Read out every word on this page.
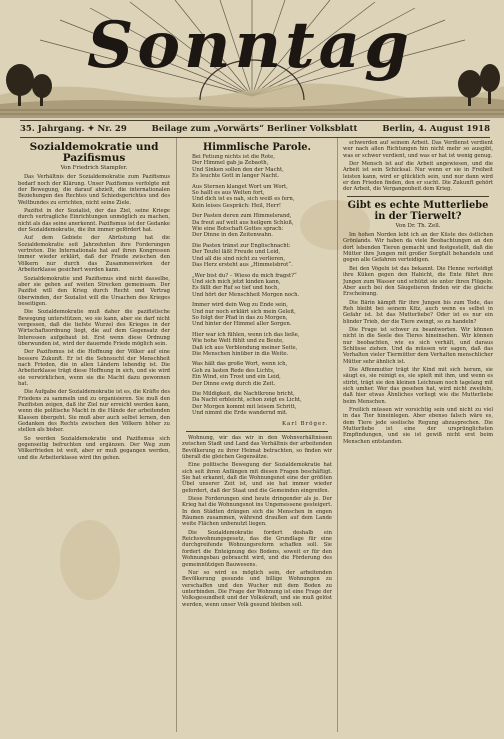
Sonntag
35. Jahrgang. ✦ Nr. 29	Beilage zum „Vorwärts“ Berliner Volksblatt	Berlin, 4. August 1918
Sozialdemokratie und Pazifismus
Von Friedrich Stampfer.

Das Verhältnis der Sozialdemokratie zum Pazifismus bedarf noch der Klärung. Unser Pazifismus verfolgte mit der Bewegung, die darauf abzielt, die internationalen Beziehungen des Rechtes und Schiedsgerichtes und des Weltbundes zu errichten, nicht seine Ziele.

Pazifist in der Sozialist, der das Ziel, seine Kriege durch vertragliche Einrichtungen unmöglich zu machen, nicht als das seine anerkennt. Pazifismus ist der Gedanke der Sozialdemokratie, die ihn immer gefördert hat.

Auf dem Gebiete der Abrüstung hat die Sozialdemokratie seit Jahrzehnten ihre Forderungen vertreten. Die Internationale hat auf ihren Kongressen immer wieder erklärt, daß der Friede zwischen den Völkern nur durch das Zusammenwirken der Arbeiterklasse gesichert werden kann.

Sozialdemokratie und Pazifismus sind nicht dasselbe, aber sie gehen auf weiten Strecken gemeinsam. Der Pazifist will den Krieg durch Recht und Vertrag überwinden, der Sozialist will die Ursachen des Krieges beseitigen.

Die Sozialdemokratie muß daher die pazifistische Bewegung unterstützen, wo sie kann, aber sie darf nicht vergessen, daß die tiefste Wurzel des Krieges in der Wirtschaftsordnung liegt, die auf dem Gegensatz der Interessen aufgebaut ist. Erst wenn diese Ordnung überwunden ist, wird der dauernde Friede möglich sein.

Der Pazifismus ist die Hoffnung der Völker auf eine bessere Zukunft. Er ist die Sehnsucht der Menschheit nach Frieden, die in allen Ländern lebendig ist. Die Arbeiterklasse trägt diese Hoffnung in sich, und sie wird sie verwirklichen, wenn sie die Macht dazu gewonnen hat.

Die Aufgabe der Sozialdemokratie ist es, die Kräfte des Friedens zu sammeln und zu organisieren. Sie muß den Pazifisten zeigen, daß ihr Ziel nur erreicht werden kann, wenn die politische Macht in die Hände der arbeitenden Klassen übergeht. Sie muß aber auch selbst lernen, den Gedanken des Rechts zwischen den Völkern höher zu stellen als bisher.

So werden Sozialdemokratie und Pazifismus sich gegenseitig befruchten und ergänzen. Der Weg zum Völkerfrieden ist weit, aber er muß gegangen werden, und die Arbeiterklasse wird ihn gehen.

Himmlische Parole.
Bei Fetiung nichts ist die Rote,
Der Himmel gab ja Zebaoth,
Und Sinken sollen den der Macht,
Es leuchte Gott in langer Nacht.
Aus Sternen klanget Wort um Wort,
So hallt es aus Welten fort,
Und dich ist es nah, sich weiß es fern,
Kein leises Gespräch: Heil, Herr!
Der Pasten deren zum Himmelsrand,
Da freut auf welt aus heilgem Schloß,
Wie eine Botschaft Gottes sprach:
Der Dinne in den Zeitenwahn.
Die Pasten tränst zur Englischnacht:
Der Teufel läßt Freude und Leid,
Und all die sind nicht zu verlieren,
Das Herz ersteht aus „Himmelsbrot“.
„Wer bist du? – Wieso du mich fragst?“
Und sich mich jetzt kinden kann,
Es fällt der Ruf so tief und hoch,
Und hört der Menschheit Morgen noch.
Immer wird dein Weg zu Ende sein,
Und nur noch erklärt sich mein Geleit,
So folgt der Pfad in das zu Morgen,
Und hinter der Himmel aller Sorgen.
Hier war ich fühlen, wenn ich das ließe,
Wie hohe Welt fühlt und zu Beute,
Daß ich aus Verblendung meiner Seite,
Die Menschen hinüber in die Weite.
Was hält das große Wort, wenn ich,
Geh zu lasten Rede des Lichts,
Ein Wind, ein Trost und ein Leid,
Der Dinne ewig durch die Zeit.
Die Mildigkeit, die Nachtkrone bricht,
Da Nacht erbleicht, schon zeigt es Licht,
Der Morgen kommt mit leisem Schritt,
Und nimmt die Erde wandernd mit.
Karl Bröger.

Wohnung, wir das wir in den Wohnverhältnissen zwischen Stadt und Land das Verhältnis der arbeitenden Bevölkerung zu ihrer Heimat betrachten, so finden wir überall die gleichen Gegensätze.

Eine politische Bewegung der Sozialdemokratie hat sich seit ihren Anfängen mit diesen Fragen beschäftigt. Sie hat erkannt, daß die Wohnungsnot eine der größten Übel unserer Zeit ist, und sie hat immer wieder gefordert, daß der Staat und die Gemeinden eingreifen.

Diese Forderungen sind heute dringender als je. Der Krieg hat die Wohnungsnot ins Ungemessene gesteigert. In den Städten drängen sich die Menschen in engen Räumen zusammen, während draußen auf dem Lande weite Flächen unbenutzt liegen.

Die Sozialdemokratie fordert deshalb ein Reichswohnungsgesetz, das die Grundlage für eine durchgreifende Wohnungsreform schaffen soll. Sie fordert die Enteignung des Bodens, soweit er für den Wohnungsbau gebraucht wird, und die Förderung des gemeinnützigen Bauwesens.

Nur so wird es möglich sein, der arbeitenden Bevölkerung gesunde und billige Wohnungen zu verschaffen und den Wucher mit dem Boden zu unterbinden. Die Frage der Wohnung ist eine Frage der Volksgesundheit und der Volkskraft, und sie muß gelöst werden, wenn unser Volk gesund bleiben soll.

schwerden auf seinem Arbeit. Das Verdienst verdient wer nach allen Richtungen hin nicht mehr so ausgibt, was er schwer verdient, und was er hat ist wenig genug.

Der Mensch ist auf die Arbeit angewiesen, und die Arbeit ist sein Schicksal. Nur wenn er sie in Freiheit leisten kann, wird er glücklich sein, und nur dann wird er den Frieden finden, den er sucht. Die Zukunft gehört der Arbeit, die Vergangenheit dem Krieg.

Gibt es echte Mutterliebe in der Tierwelt?
Von Dr. Th. Zell.

Im hohen Norden lebt ich an der Küste des östlichen Grönlands. Wir haben da viele Beobachtungen an den dort lebenden Tieren gemacht und festgestellt, daß die Mütter ihre Jungen mit großer Sorgfalt behandeln und gegen alle Gefahren verteidigen.

Bei den Vögeln ist das bekannt. Die Henne verteidigt ihre Küken gegen den Habicht, die Ente führt ihre Jungen zum Wasser und schützt sie unter ihren Flügeln. Aber auch bei den Säugetieren finden wir die gleiche Erscheinung.

Die Bärin kämpft für ihre Jungen bis zum Tode, das Reh bleibt bei seinem Kitz, auch wenn es selbst in Gefahr ist. Ist das Mutterliebe? Oder ist es nur ein blinder Trieb, der die Tiere zwingt, so zu handeln?

Die Frage ist schwer zu beantworten. Wir können nicht in die Seele des Tieres hineinsehen. Wir können nur beobachten, wie es sich verhält, und daraus Schlüsse ziehen. Und da müssen wir sagen, daß das Verhalten vieler Tiermütter dem Verhalten menschlicher Mütter sehr ähnlich ist.

Die Affenmutter trägt ihr Kind mit sich herum, sie säugt es, sie reinigt es, sie spielt mit ihm, und wenn es stirbt, trägt sie den kleinen Leichnam noch tagelang mit sich umher. Wer das gesehen hat, wird nicht zweifeln, daß hier etwas Ähnliches vorliegt wie die Mutterliebe beim Menschen.

Freilich müssen wir vorsichtig sein und nicht zu viel in das Tier hineinlegen. Aber ebenso falsch wäre es, dem Tiere jede seelische Regung abzusprechen. Die Mutterliebe ist eine der ursprünglichsten Empfindungen, und sie ist gewiß nicht erst beim Menschen entstanden.
